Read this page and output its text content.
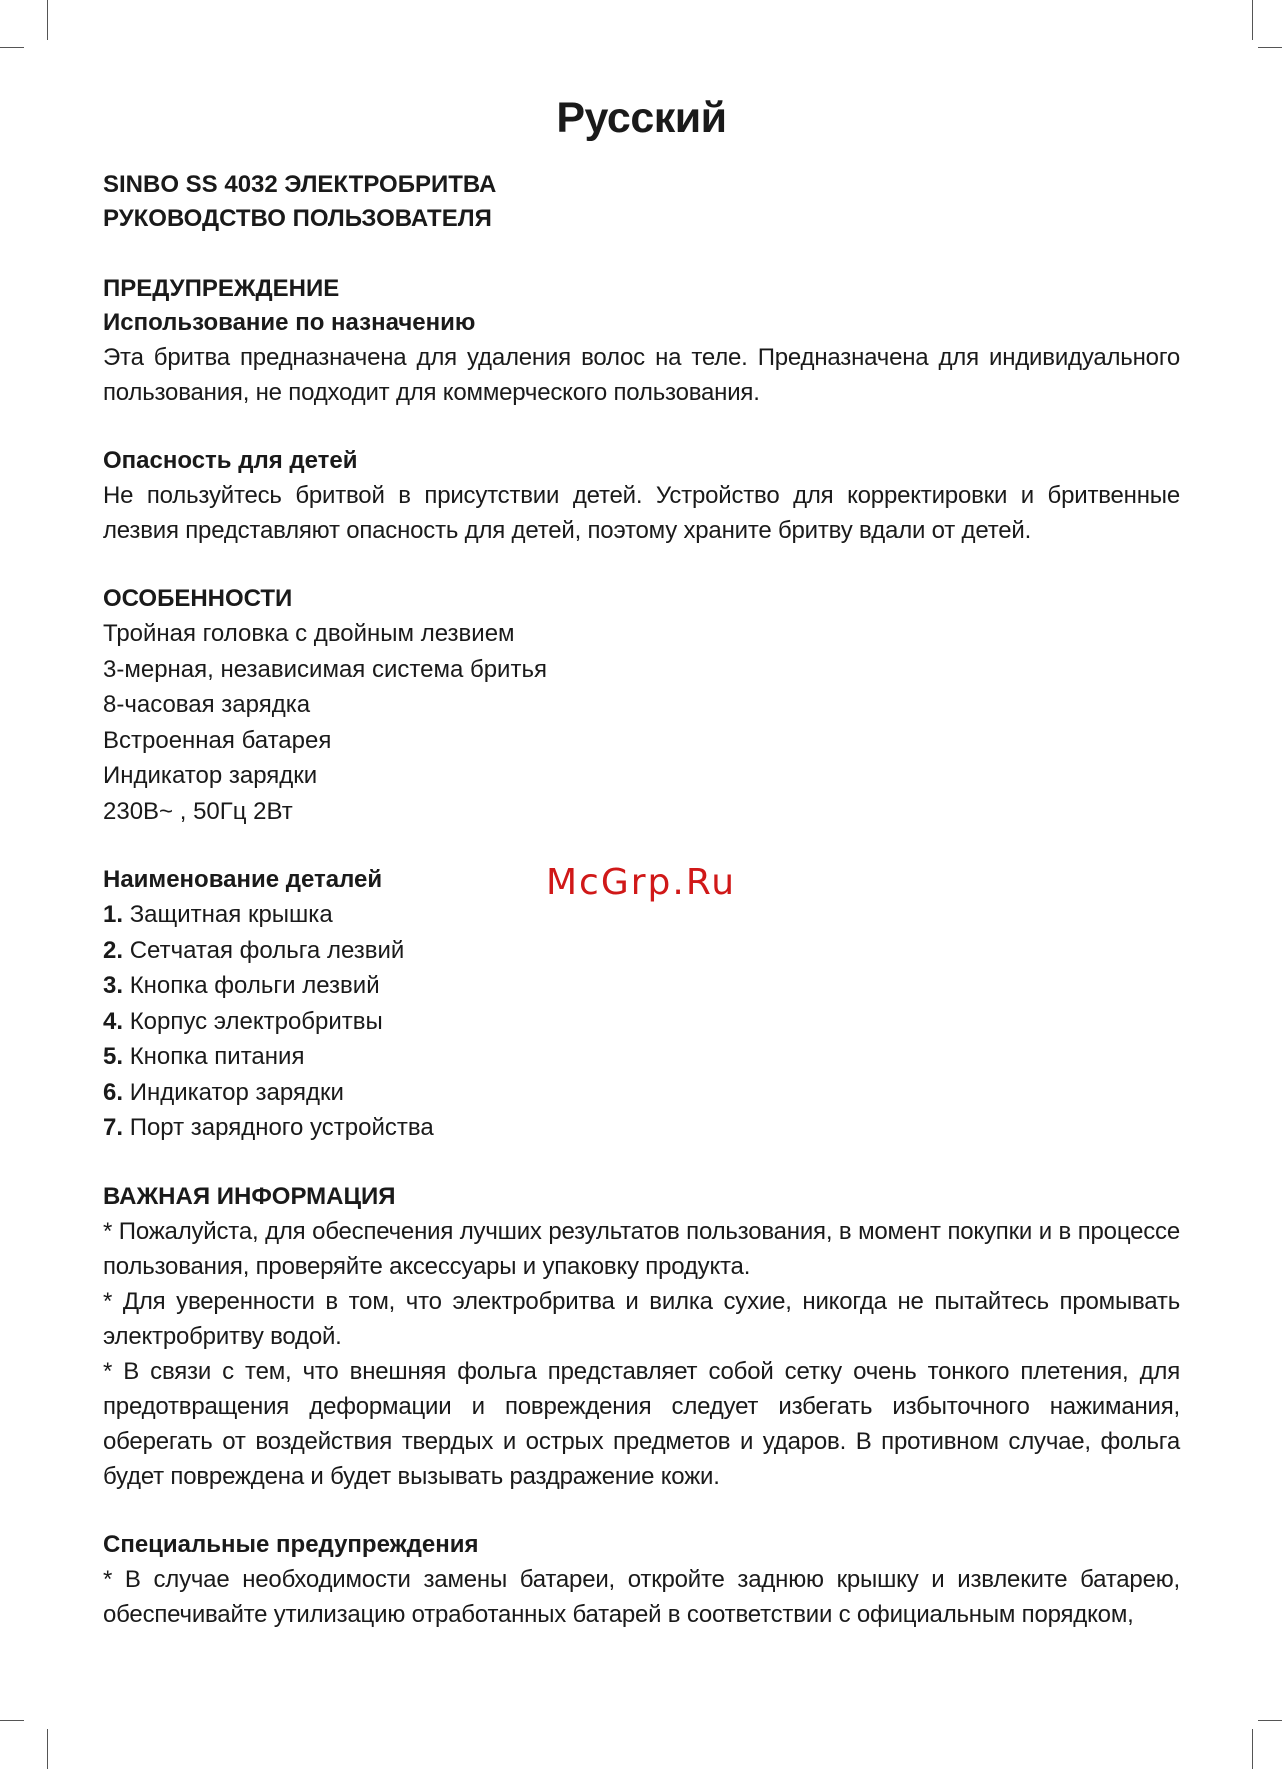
Русский
SINBO SS 4032 ЭЛЕКТРОБРИТВА
РУКОВОДСТВО ПОЛЬЗОВАТЕЛЯ
ПРЕДУПРЕЖДЕНИЕ
Использование по назначению

Эта бритва предназначена для удаления волос на теле. Предназначена для индивидуального пользования, не подходит для коммерческого пользования.

Опасность для детей

Не пользуйтесь бритвой в присутствии детей. Устройство для корректировки и бритвенные лезвия представляют опасность для детей, поэтому храните бритву вдали от детей.

ОСОБЕННОСТИ
Тройная головка с двойным лезвием
3-мерная, независимая система бритья
8-часовая зарядка
Встроенная батарея
Индикатор зарядки
230В~ , 50Гц 2Вт
Наименование деталей
1. Защитная крышка
2. Сетчатая фольга лезвий
3. Кнопка фольги лезвий
4. Корпус электробритвы
5. Кнопка питания
6. Индикатор зарядки
7. Порт зарядного устройства
ВАЖНАЯ ИНФОРМАЦИЯ

* Пожалуйста, для обеспечения лучших результатов пользования, в момент покупки и в процессе пользования, проверяйте аксессуары и упаковку продукта.

* Для уверенности в том, что электробритва и вилка сухие, никогда не пытайтесь промывать электробритву водой.

* В связи с тем, что внешняя фольга представляет собой сетку очень тонкого плетения, для предотвращения деформации и повреждения следует избегать избыточного нажимания, оберегать от воздействия твердых и острых предметов и ударов. В противном случае, фольга будет повреждена и будет вызывать раздражение кожи.

Специальные предупреждения

* В случае необходимости замены батареи, откройте заднюю крышку и извлеките батарею, обеспечивайте утилизацию отработанных батарей в соответствии с официальным порядком,

McGrp.Ru
